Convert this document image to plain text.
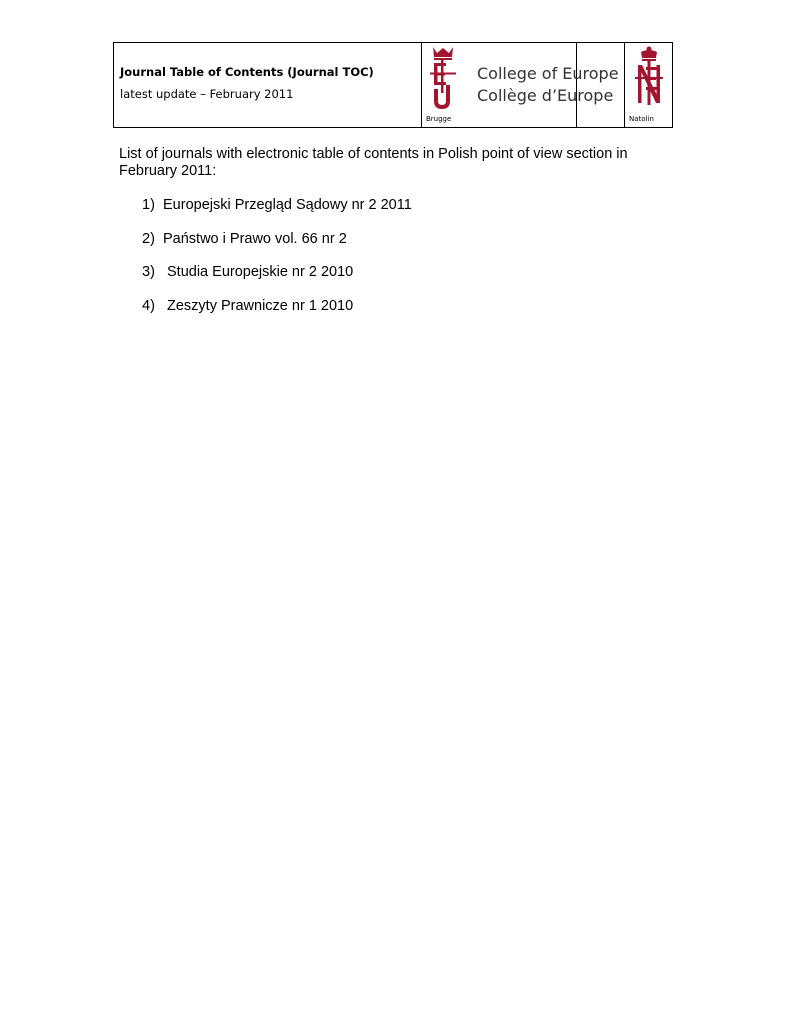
Journal Table of Contents (Journal TOC)
latest update – February 2011
Brugge
College of Europe
Collège d’Europe
Natolin
List of journals with electronic table of contents in Polish point of view section in February 2011:
1) Europejski Przegląd Sądowy nr 2 2011
2) Państwo i Prawo vol. 66 nr 2
3) Studia Europejskie nr 2 2010
4) Zeszyty Prawnicze nr 1 2010
